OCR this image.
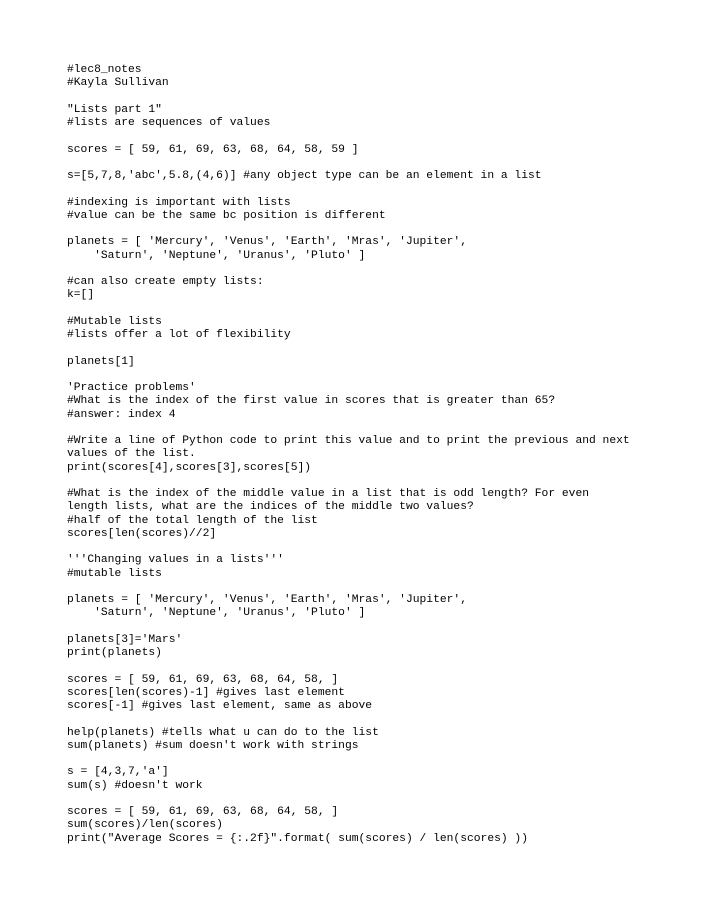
#lec8_notes
#Kayla Sullivan
"Lists part 1"
#lists are sequences of values
scores = [ 59, 61, 69, 63, 68, 64, 58, 59 ]
s=[5,7,8,'abc',5.8,(4,6)] #any object type can be an element in a list
#indexing is important with lists
#value can be the same bc position is different
planets = [ 'Mercury', 'Venus', 'Earth', 'Mras', 'Jupiter',
'Saturn', 'Neptune', 'Uranus', 'Pluto' ]
#can also create empty lists:
k=[]
#Mutable lists
#lists offer a lot of flexibility
planets[1]
'Practice problems'
#What is the index of the first value in scores that is greater than 65?
#answer: index 4
#Write a line of Python code to print this value and to print the previous and next
values of the list.
print(scores[4],scores[3],scores[5])
#What is the index of the middle value in a list that is odd length? For even
length lists, what are the indices of the middle two values?
#half of the total length of the list
scores[len(scores)//2]
'''Changing values in a lists'''
#mutable lists
planets = [ 'Mercury', 'Venus', 'Earth', 'Mras', 'Jupiter',
'Saturn', 'Neptune', 'Uranus', 'Pluto' ]
planets[3]='Mars'
print(planets)
scores = [ 59, 61, 69, 63, 68, 64, 58, ]
scores[len(scores)-1] #gives last element
scores[-1] #gives last element, same as above
help(planets) #tells what u can do to the list
sum(planets) #sum doesn't work with strings
s = [4,3,7,'a']
sum(s) #doesn't work
scores = [ 59, 61, 69, 63, 68, 64, 58, ]
sum(scores)/len(scores)
print("Average Scores = {:.2f}".format( sum(scores) / len(scores) ))
